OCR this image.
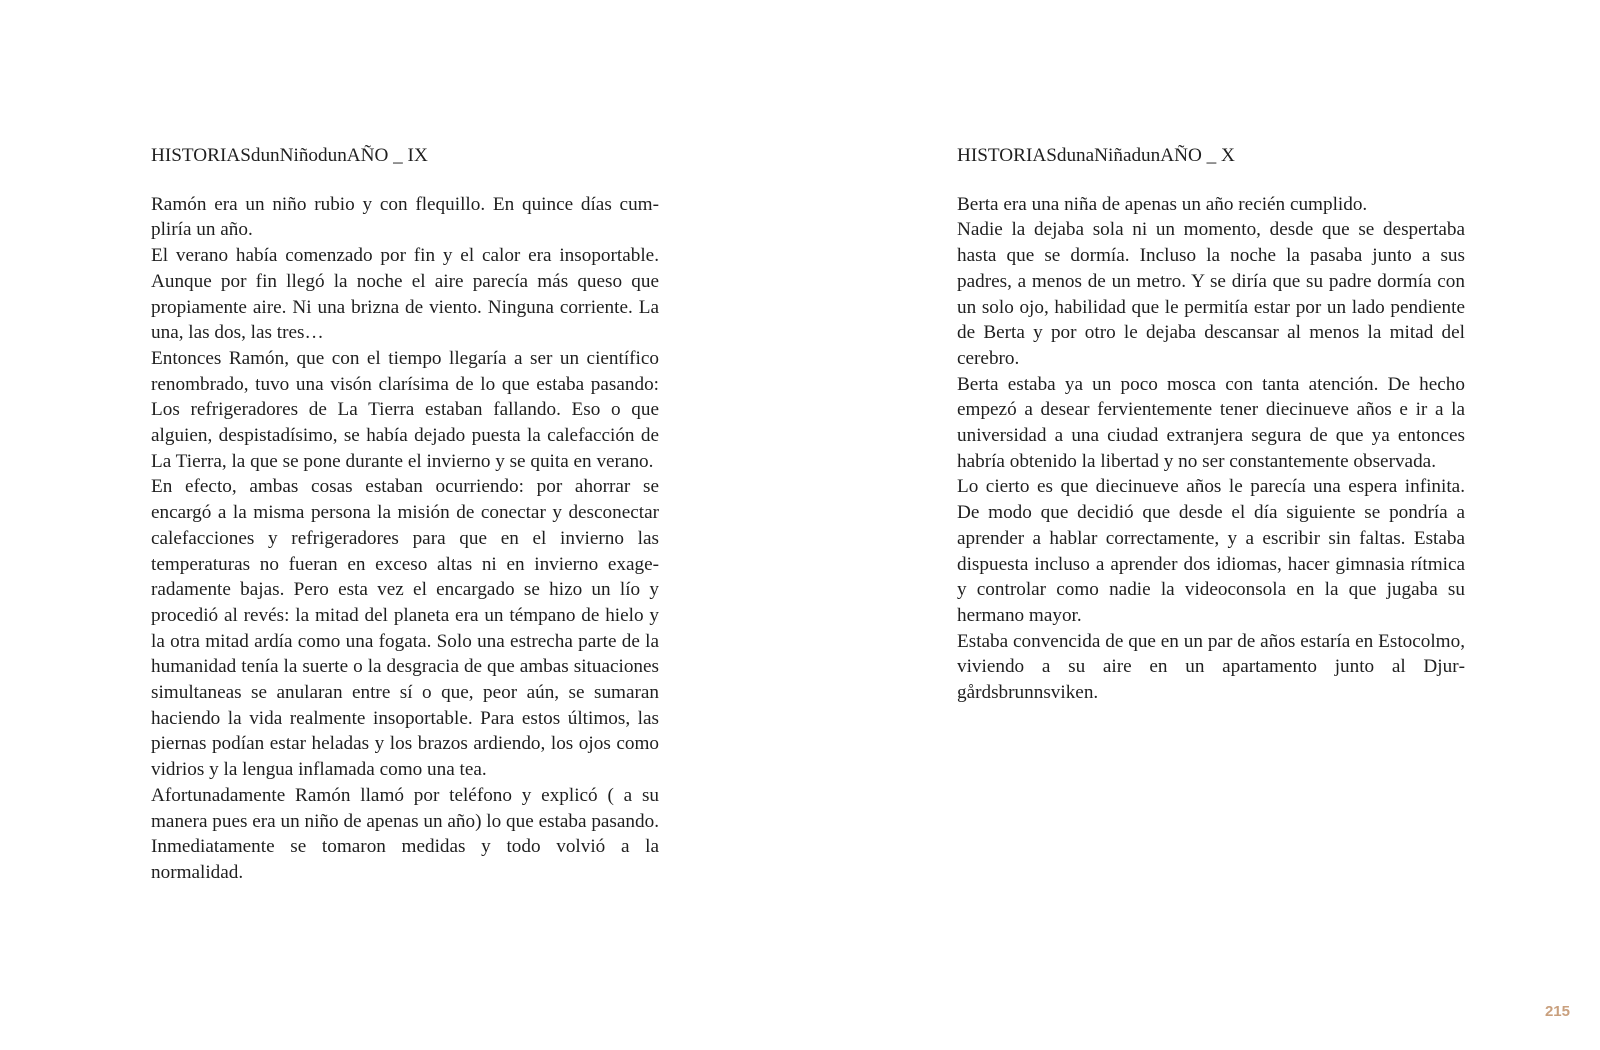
HISTORIASdunNiñodunAÑO _ IX

Ramón era un niño rubio y con flequillo. En quince días cumpliría un año.

El verano había comenzado por fin y el calor era insoportable. Aunque por fin llegó la noche el aire parecía más queso que propiamente aire. Ni una brizna de viento. Ninguna corriente. La una, las dos, las tres…

Entonces Ramón, que con el tiempo llegaría a ser un científico renombrado, tuvo una visón clarísima de lo que estaba pasando: Los refrigeradores de La Tierra estaban fallando. Eso o que alguien, despistadísimo, se había dejado puesta la calefacción de La Tierra, la que se pone durante el invierno y se quita en verano.

En efecto, ambas cosas estaban ocurriendo: por ahorrar se encargó a la misma persona la misión de conectar y desconectar calefacciones y refrigeradores para que en el invierno las temperaturas no fueran en exceso altas ni en invierno exageradamente bajas. Pero esta vez el encargado se hizo un lío y procedió al revés: la mitad del planeta era un témpano de hielo y la otra mitad ardía como una fogata. Solo una estrecha parte de la humanidad tenía la suerte o la desgracia de que ambas situaciones simultaneas se anularan entre sí o que, peor aún, se sumaran haciendo la vida realmente insoportable. Para estos últimos, las piernas podían estar heladas y los brazos ardiendo, los ojos como vidrios y la lengua inflamada como una tea.

Afortunadamente Ramón llamó por teléfono y explicó ( a su manera pues era un niño de apenas un año) lo que estaba pasando. Inmediatamente se tomaron medidas y todo volvió a la normalidad.

HISTORIASdunaNiñadunAÑO _ X

Berta era una niña de apenas un año recién cumplido.

Nadie la dejaba sola ni un momento, desde que se despertaba hasta que se dormía. Incluso la noche la pasaba junto a sus padres, a menos de un metro. Y se diría que su padre dormía con un solo ojo, habilidad que le permitía estar por un lado pendiente de Berta y por otro le dejaba descansar al menos la mitad del cerebro.

Berta estaba ya un poco mosca con tanta atención. De hecho empezó a desear fervientemente tener diecinueve años e ir a la universidad a una ciudad extranjera segura de que ya entonces habría obtenido la libertad y no ser constantemente observada.

Lo cierto es que diecinueve años le parecía una espera infinita. De modo que decidió que desde el día siguiente se pondría a aprender a hablar correctamente, y a escribir sin faltas. Estaba dispuesta incluso a aprender dos idiomas, hacer gimnasia rítmica y controlar como nadie la videoconsola en la que jugaba su hermano mayor.

Estaba convencida de que en un par de años estaría en Estocolmo, viviendo a su aire en un apartamento junto al Djurgårdsbrunnsviken.

215
